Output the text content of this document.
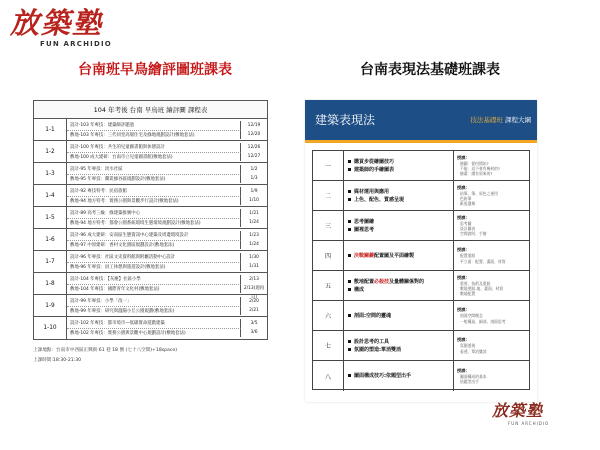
放築塾
FUN ARCHIDIO
台南班早鳥繪評圖班課表	台南表現法基礎班課表
104 年考後 台南 早鳥班 繪評圖 課程表
1-1
設計-103 年專技：建築師評題過	12/19
敷地-103 年專技：三代同堂高層住宅及綠地規劃設計(敷地套法)	12/20
1-2
設計-100 年專技：共生的兒童圖書館與休憩設計	12/26
敷地-100 成大建研：台南市立兒童圖書館(敷地套法)	12/27
1-3
設計-95 年專技：淡水社區	1/2
敷地-95 年專技：蘭崁綠谷區規劃設計(敷地套法)	1/3
1-4
設計-92 專技特考：民宿旅館	1/9
敷地-94 地方特考：實務公園與景觀步行設計(敷地套法)	1/10
1-5
設計-89 高考三級：綠建築推廣中心	1/21
敷地-94 地方特考：都會公園系統環境生態環境規劃設計(敷地套法)	1/24
1-6
設計-96 成大建研：安南區生態資訊中心建築及周邊環境設計	1/23
敷地-97 中原建研：香村文化園區規劃設計(敷地套法)	1/24
1-7
設計-96 年專技：社區文史資料館與附屬活動中心設計	1/30
敷地-96 年專技：員工休憩與旅遊設計(敷地套法)	1/31
1-8
設計-104 年專技：【灰塵】社區小學	2/13
敷地-104 年專技：國際青年文化村(敷地套法)	2/13(週再日)
1-9
設計-99 年專技：小學「改一」	2/20
敷地-99 年專技：研究與溫陽小丘公園規劃(敷地套法)	2/21
1-10
設計-102 年專技：都市境市—低碳實命遊戲建築	3/5
敷地-102 年專技：實務公園與景觀中心規劃設計(敷地套法)	3/6
上課地點：台南市中西區正興街 61 巷 18 號 (七十八空間)+18space)
上課時間:18:30-21:30
建築表現法	技法基礎班 課程大綱
一
購買步從繪圖技巧
建築師的手繪圖表
授課：
繪圖：從何開始?
不能：這不會有幾何的?
繪畫：總有原來的?
二
媒材運用與應用
上色、配色、質感呈現
授課：
鉛筆、筆、原色之運用
色鉛筆
紙張選擇
三
思考圖繪
圖裡思考
授課：
思考圖
設計圖表
空間說明、手繪
四	決戰關鍵配置圖及平面繪製
授課：
配置重點
平立面：配置、畫面、材質
五
敷地配置必殺技及量體關係對的
構成
授課：
重要、技術及重點
敷地要點-地、畫面、材質
敷地配置
六	剖面:空間的靈魂
授課：
剖面空間概念
一般構造、細部、剖面思考
七
設計思考的工具
氛圍的塑造:單消雙消
授課：
氛圍透視
看透、單消雙消
八	圖面構成技巧:依題型出手
授課：
圖面構成的基本
依題型出手
放築塾
FUN ARCHIDIO
